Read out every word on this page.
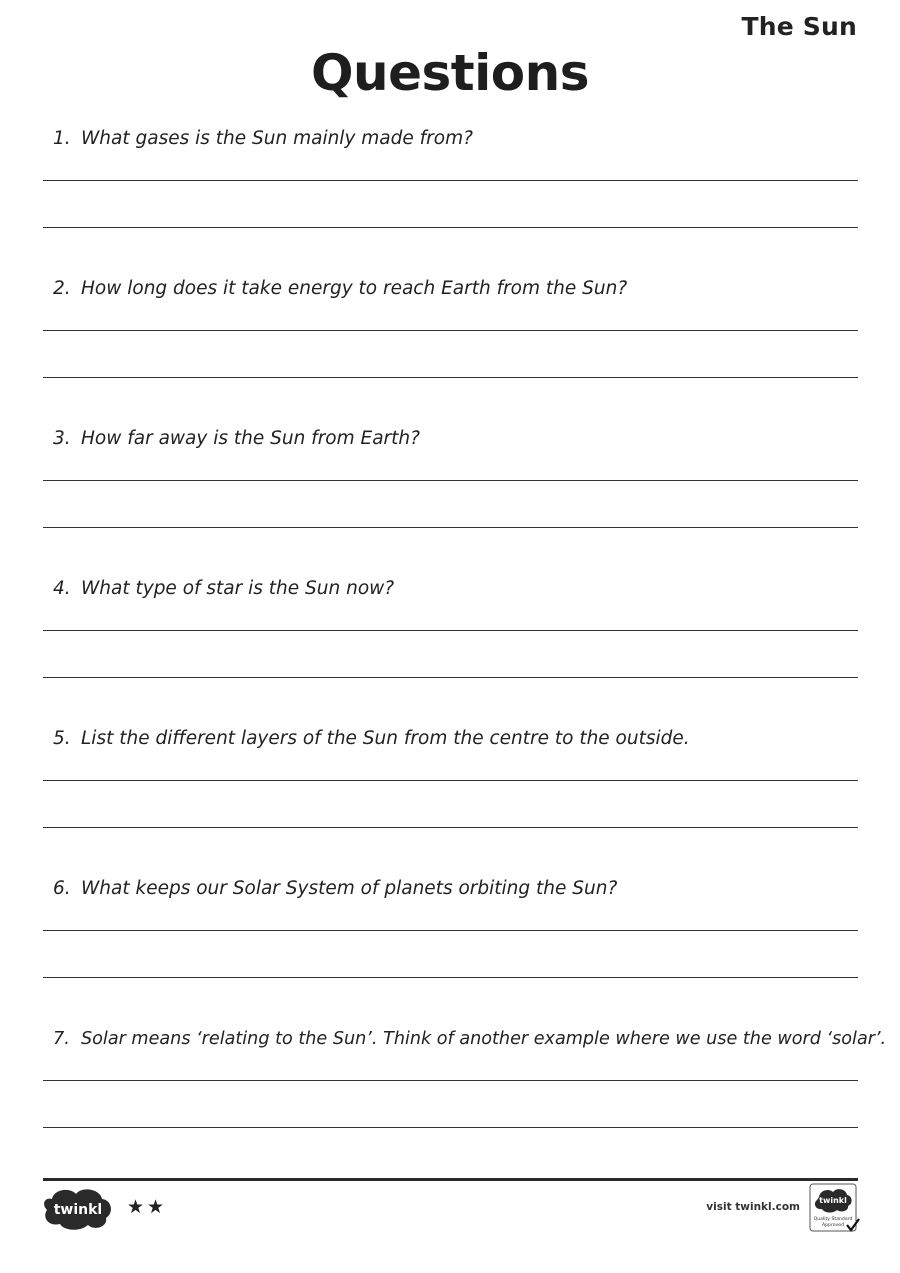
The Sun
Questions
1. What gases is the Sun mainly made from?
2. How long does it take energy to reach Earth from the Sun?
3. How far away is the Sun from Earth?
4. What type of star is the Sun now?
5. List the different layers of the Sun from the centre to the outside.
6. What keeps our Solar System of planets orbiting the Sun?
7. Solar means ‘relating to the Sun’. Think of another example where we use the word ‘solar’.
twinkl ★★	visit twinkl.com
twinkl
Quality Standard
Approved
